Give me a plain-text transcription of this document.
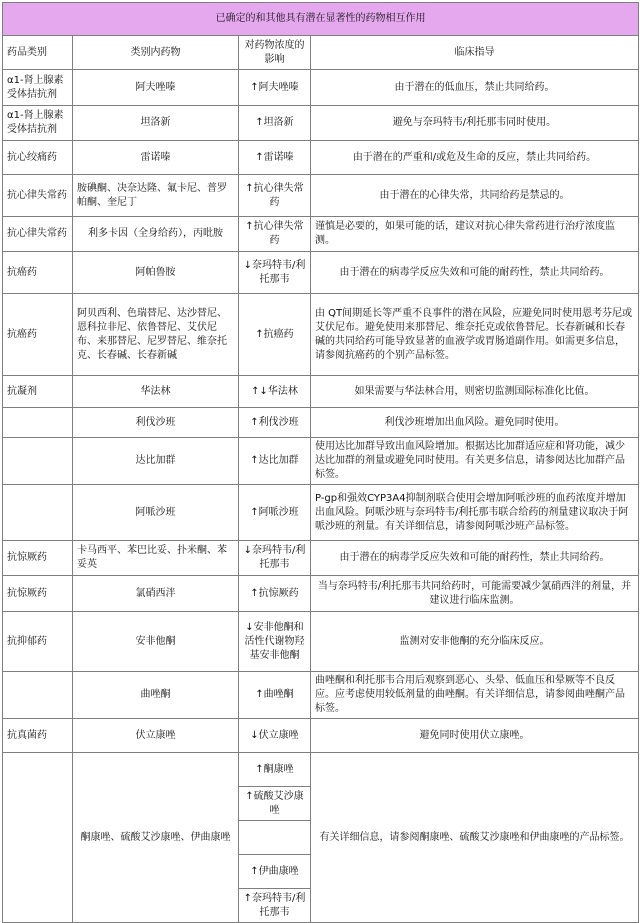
已确定的和其他具有潜在显著性的药物相互作用			
药品类别	类别内药物	对药物浓度的影响	临床指导
α1-肾上腺素受体拮抗剂	阿夫唑嗪	↑阿夫唑嗪	由于潜在的低血压，禁止共同给药。
α1-肾上腺素受体拮抗剂	坦洛新	↑坦洛新	避免与奈玛特韦/利托那韦同时使用。
抗心绞痛药	雷诺嗪	↑雷诺嗪	由于潜在的严重和/或危及生命的反应，禁止共同给药。
抗心律失常药	胺碘酮、决奈达隆、氟卡尼、普罗帕酮、奎尼丁	↑抗心律失常药	由于潜在的心律失常，共同给药是禁忌的。
抗心律失常药	利多卡因（全身给药），丙吡胺	↑抗心律失常药	谨慎是必要的，如果可能的话，建议对抗心律失常药进行治疗浓度监测。
抗癌药	阿帕鲁胺	↓奈玛特韦/利托那韦	由于潜在的病毒学反应失效和可能的耐药性，禁止共同给药。
抗癌药	阿贝西利、色瑞替尼、达沙替尼、恩科拉非尼、依鲁替尼、艾伏尼布、来那替尼、尼罗替尼、维奈托克、长春碱、长春新碱	↑抗癌药	由 QT间期延长等严重不良事件的潜在风险，应避免同时使用恩考芬尼或艾伏尼布。避免使用来那替尼、维奈托克或依鲁替尼。长春新碱和长春碱的共同给药可能导致显著的血液学或胃肠道副作用。如需更多信息，请参阅抗癌药的个别产品标签。
抗凝剂	华法林	↑↓华法林	如果需要与华法林合用，则密切监测国际标准化比值。
	利伐沙班	↑利伐沙班	利伐沙班增加出血风险。避免同时使用。
	达比加群	↑达比加群	使用达比加群导致出血风险增加。根据达比加群适应症和肾功能，减少达比加群的剂量或避免同时使用。有关更多信息，请参阅达比加群产品标签。
	阿哌沙班	↑阿哌沙班	P-gp和强效CYP3A4抑制剂联合使用会增加阿哌沙班的血药浓度并增加出血风险。阿哌沙班与奈玛特韦/利托那韦联合给药的剂量建议取决于阿哌沙班的剂量。有关详细信息，请参阅阿哌沙班产品标签。
抗惊厥药	卡马西平、苯巴比妥、扑米酮、苯妥英	↓奈玛特韦/利托那韦	由于潜在的病毒学反应失效和可能的耐药性，禁止共同给药。
抗惊厥药	氯硝西泮	↑抗惊厥药	当与奈玛特韦/利托那韦共同给药时，可能需要减少氯硝西泮的剂量，并建议进行临床监测。
抗抑郁药	安非他酮	↓安非他酮和活性代谢物羟基安非他酮	监测对安非他酮的充分临床反应。
	曲唑酮	↑曲唑酮	曲唑酮和利托那韦合用后观察到恶心、头晕、低血压和晕厥等不良反应。应考虑使用较低剂量的曲唑酮。有关详细信息，请参阅曲唑酮产品标签。
抗真菌药	伏立康唑	↓伏立康唑	避免同时使用伏立康唑。
	酮康唑、硫酸艾沙康唑、伊曲康唑	↑酮康唑	有关详细信息，请参阅酮康唑、硫酸艾沙康唑和伊曲康唑的产品标签。
		↑硫酸艾沙康唑	

		↑伊曲康唑	
		↑奈玛特韦/利托那韦	
